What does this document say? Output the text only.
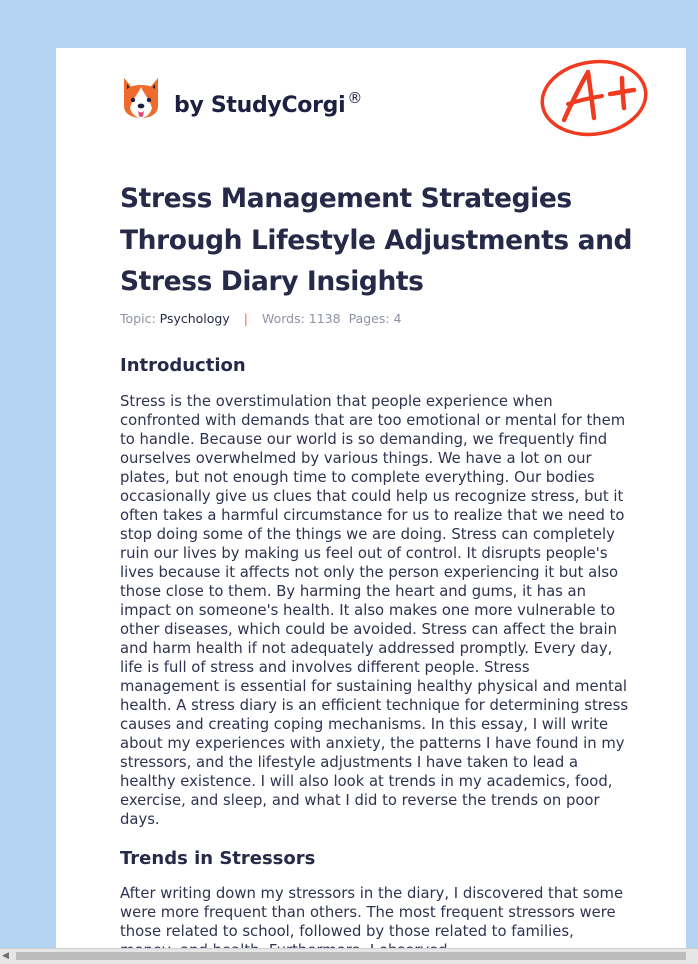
by StudyCorgi ®
Stress Management Strategies Through Lifestyle Adjustments and Stress Diary Insights
Topic: Psychology | Words: 1138 Pages: 4
Introduction

Stress is the overstimulation that people experience when confronted with demands that are too emotional or mental for them to handle. Because our world is so demanding, we frequently find ourselves overwhelmed by various things. We have a lot on our plates, but not enough time to complete everything. Our bodies occasionally give us clues that could help us recognize stress, but it often takes a harmful circumstance for us to realize that we need to stop doing some of the things we are doing. Stress can completely ruin our lives by making us feel out of control. It disrupts people's lives because it affects not only the person experiencing it but also those close to them. By harming the heart and gums, it has an impact on someone's health. It also makes one more vulnerable to other diseases, which could be avoided. Stress can affect the brain and harm health if not adequately addressed promptly. Every day, life is full of stress and involves different people. Stress management is essential for sustaining healthy physical and mental health. A stress diary is an efficient technique for determining stress causes and creating coping mechanisms. In this essay, I will write about my experiences with anxiety, the patterns I have found in my stressors, and the lifestyle adjustments I have taken to lead a healthy existence. I will also look at trends in my academics, food, exercise, and sleep, and what I did to reverse the trends on poor days.

Trends in Stressors

After writing down my stressors in the diary, I discovered that some were more frequent than others. The most frequent stressors were those related to school, followed by those related to families,

◀
